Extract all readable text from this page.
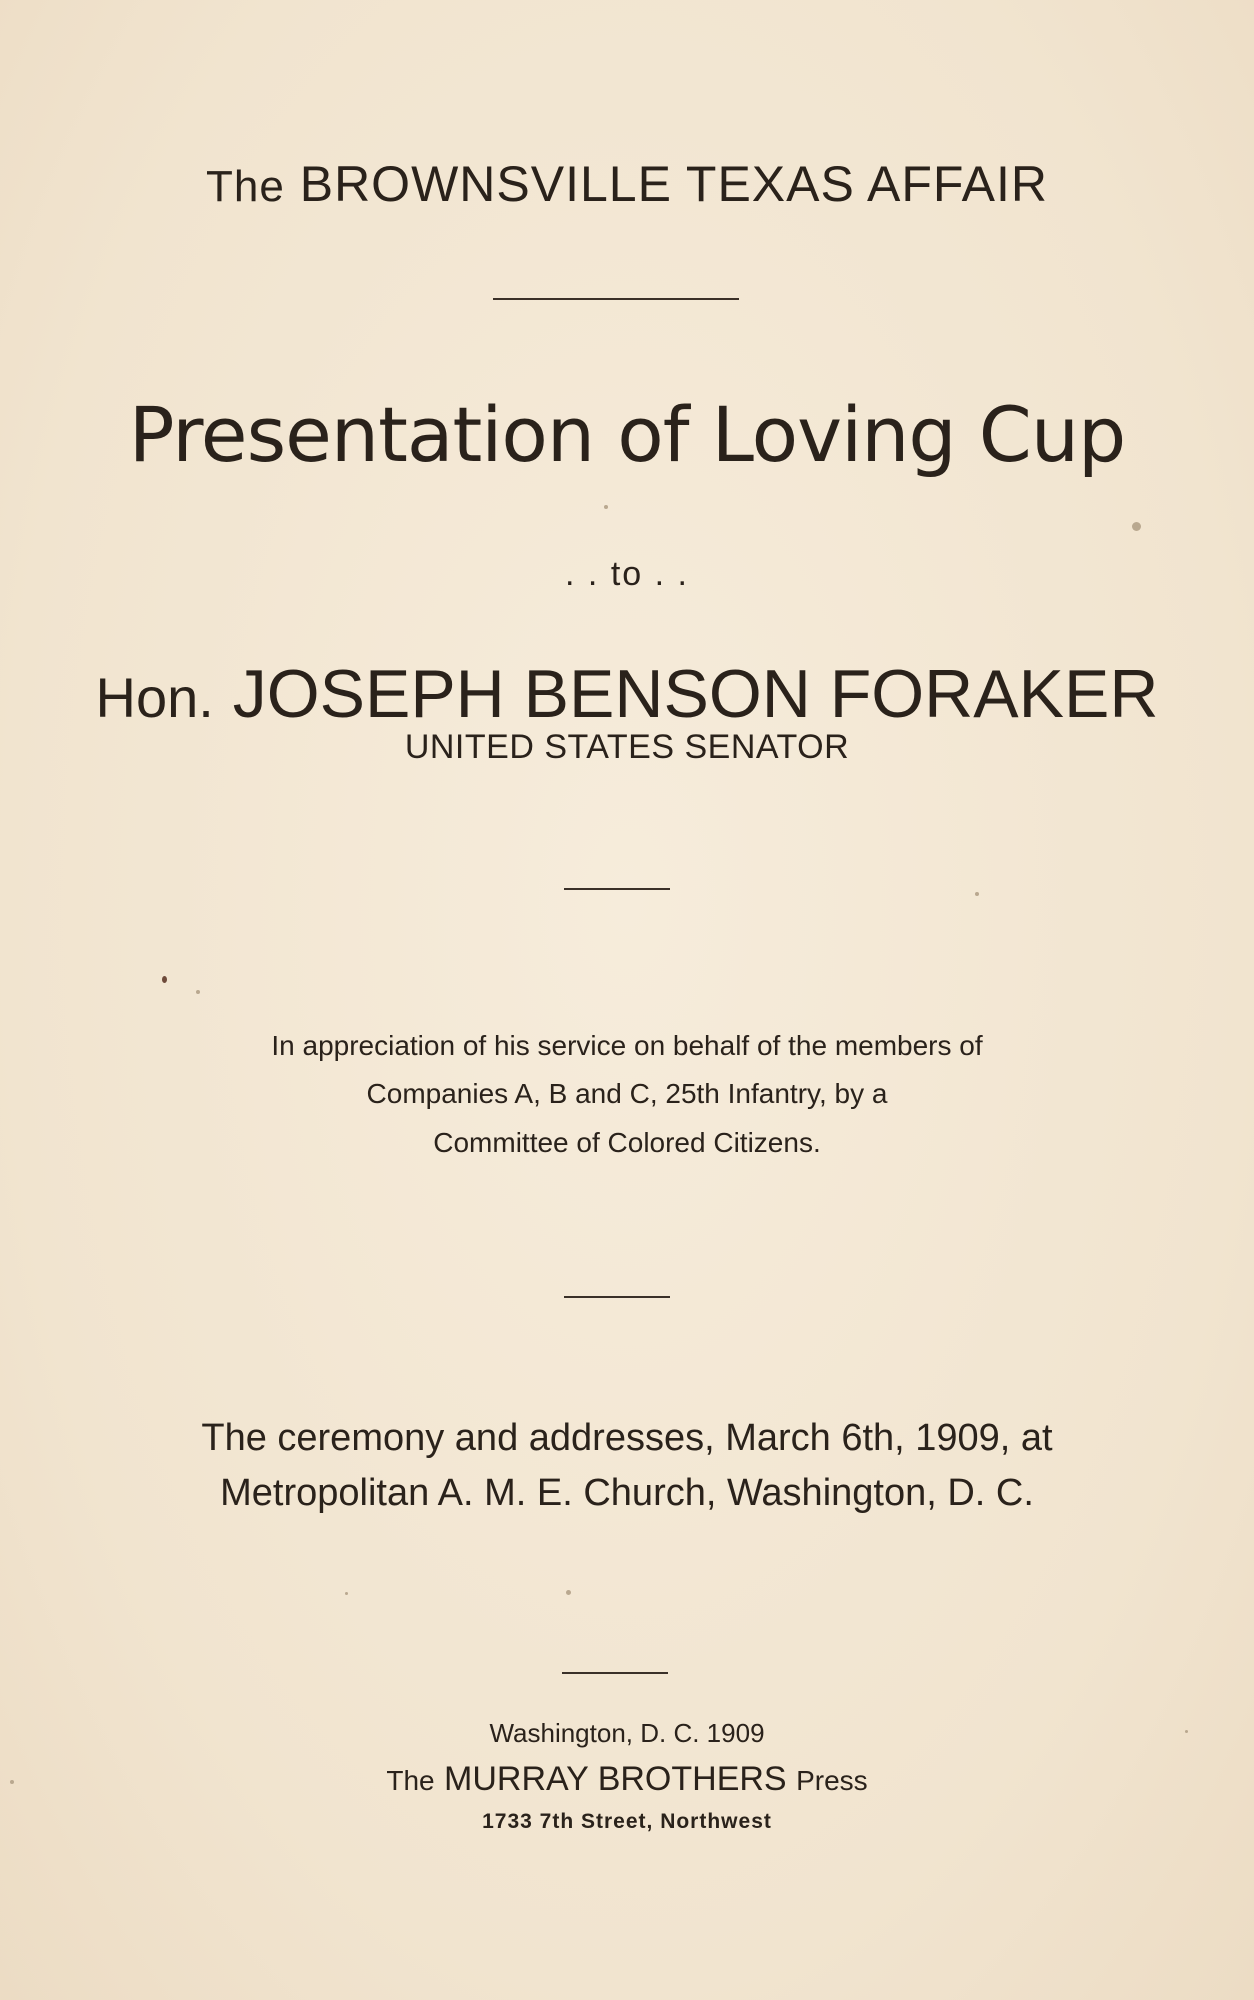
The BROWNSVILLE TEXAS AFFAIR
Presentation of Loving Cup
. . to . .
Hon. JOSEPH BENSON FORAKER
UNITED STATES SENATOR
In appreciation of his service on behalf of the members of
Companies A, B and C, 25th Infantry, by a
Committee of Colored Citizens.
The ceremony and addresses, March 6th, 1909, at
Metropolitan A. M. E. Church, Washington, D. C.
Washington, D. C. 1909
The MURRAY BROTHERS Press
1733 7th Street, Northwest
